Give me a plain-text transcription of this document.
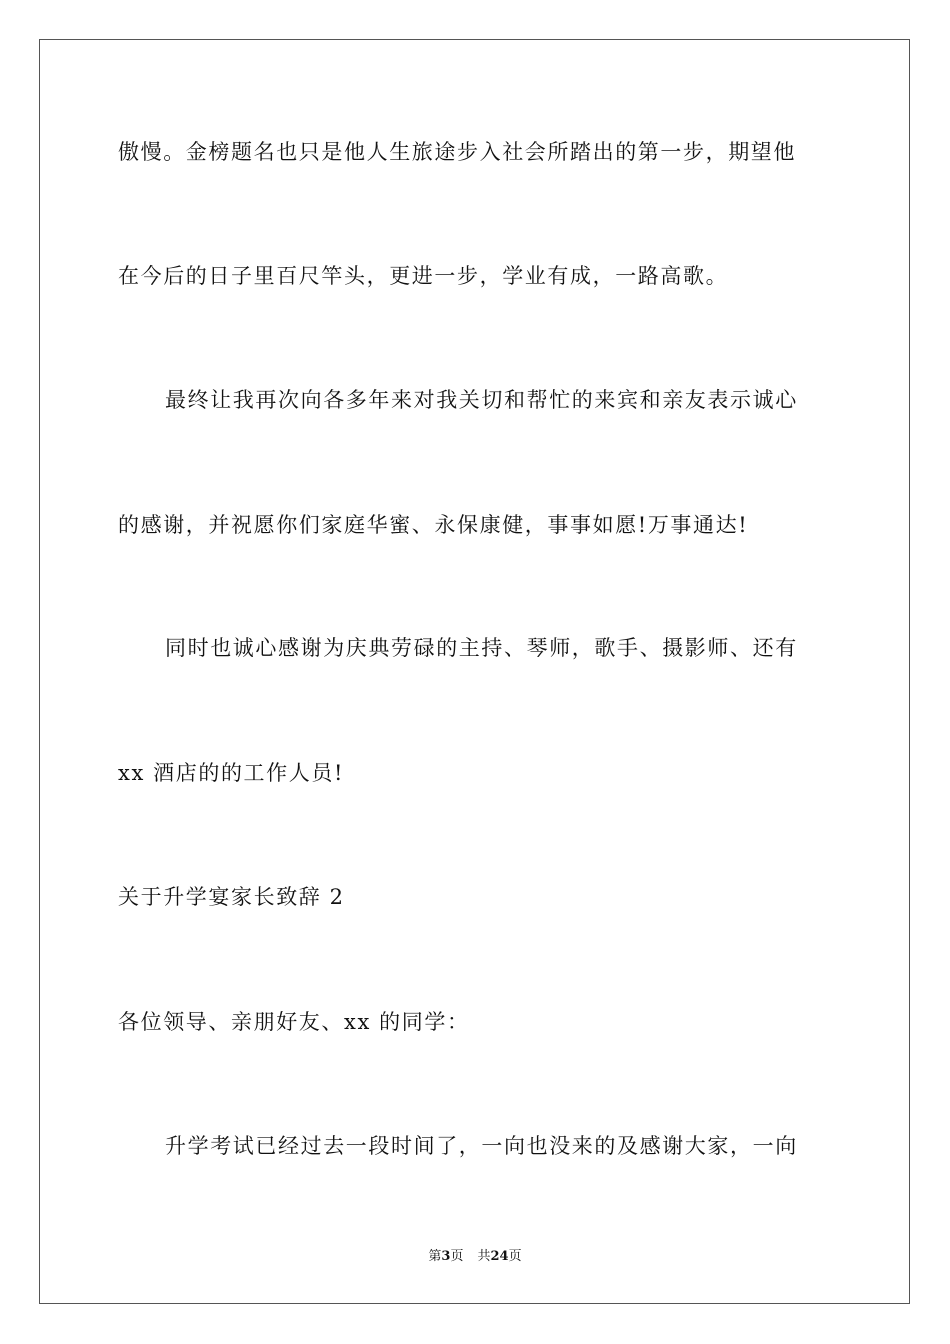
傲慢。金榜题名也只是他人生旅途步入社会所踏出的第一步，期望他
在今后的日子里百尺竿头，更进一步，学业有成，一路高歌。
最终让我再次向各多年来对我关切和帮忙的来宾和亲友表示诚心
的感谢，并祝愿你们家庭华蜜、永保康健，事事如愿!万事通达!
同时也诚心感谢为庆典劳碌的主持、琴师，歌手、摄影师、还有
xx 酒店的的工作人员!
关于升学宴家长致辞 2
各位领导、亲朋好友、xx 的同学：
升学考试已经过去一段时间了，一向也没来的及感谢大家，一向
第3页 共24页
